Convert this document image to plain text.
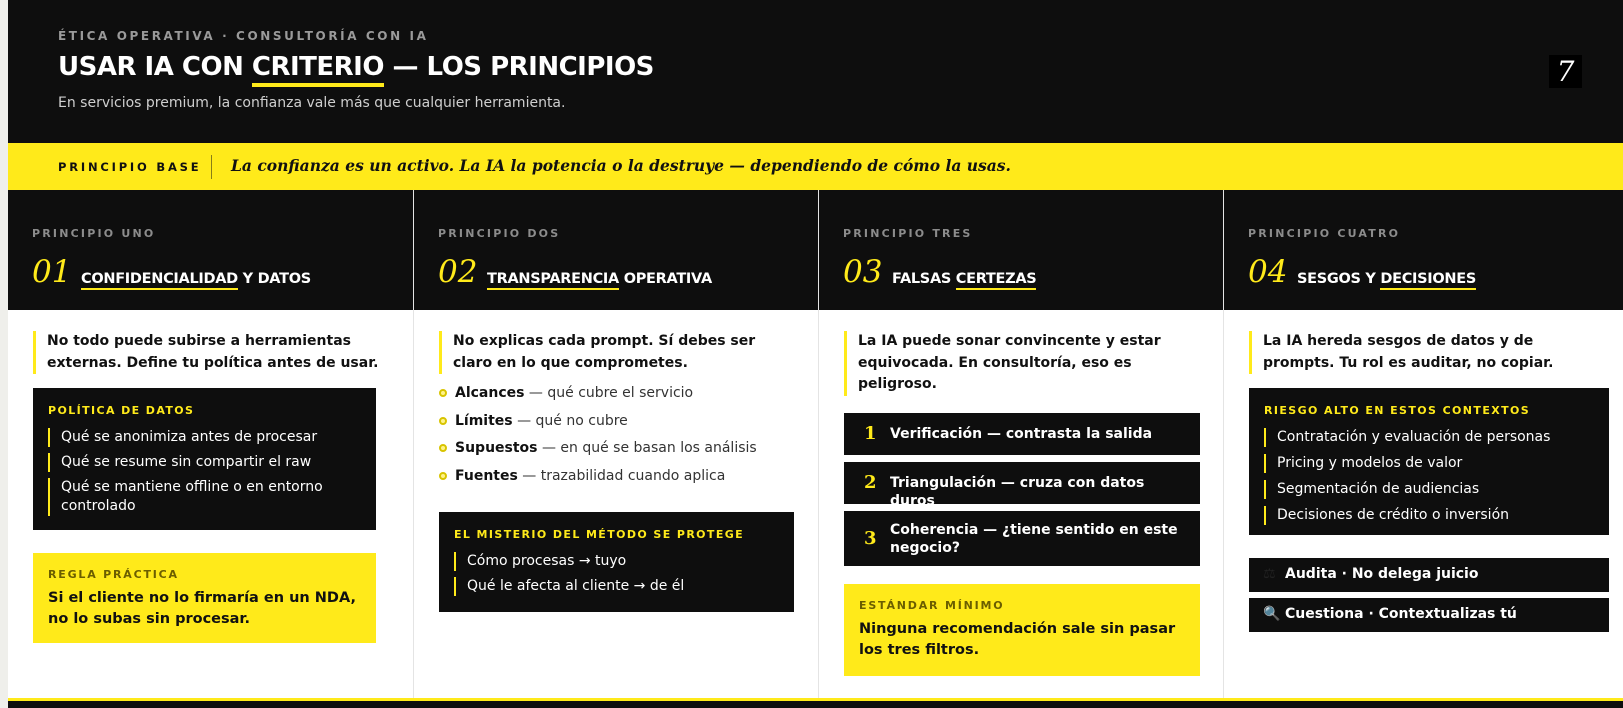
ÉTICA OPERATIVA · CONSULTORÍA CON IA
USAR IA CON CRITERIO — LOS PRINCIPIOS
En servicios premium, la confianza vale más que cualquier herramienta.
7
PRINCIPIO BASE La confianza es un activo. La IA la potencia o la destruye — dependiendo de cómo la usas.
PRINCIPIO UNO
01 CONFIDENCIALIDAD Y DATOS
No todo puede subirse a herramientas externas. Define tu política antes de usar.
POLÍTICA DE DATOS
Qué se anonimiza antes de procesar
Qué se resume sin compartir el raw
Qué se mantiene offline o en entorno controlado
REGLA PRÁCTICA
Si el cliente no lo firmaría en un NDA, no lo subas sin procesar.
PRINCIPIO DOS
02 TRANSPARENCIA OPERATIVA
No explicas cada prompt. Sí debes ser claro en lo que comprometes.
Alcances — qué cubre el servicio
Límites — qué no cubre
Supuestos — en qué se basan los análisis
Fuentes — trazabilidad cuando aplica
EL MISTERIO DEL MÉTODO SE PROTEGE
Cómo procesas → tuyo
Qué le afecta al cliente → de él
PRINCIPIO TRES
03 FALSAS CERTEZAS
La IA puede sonar convincente y estar equivocada. En consultoría, eso es peligroso.
1 Verificación — contrasta la salida
2 Triangulación — cruza con datos duros
3 Coherencia — ¿tiene sentido en este negocio?
ESTÁNDAR MÍNIMO
Ninguna recomendación sale sin pasar los tres filtros.
PRINCIPIO CUATRO
04 SESGOS Y DECISIONES
La IA hereda sesgos de datos y de prompts. Tu rol es auditar, no copiar.
RIESGO ALTO EN ESTOS CONTEXTOS
Contratación y evaluación de personas
Pricing y modelos de valor
Segmentación de audiencias
Decisiones de crédito o inversión
⚖ Audita · No delega juicio
🔍 Cuestiona · Contextualizas tú
